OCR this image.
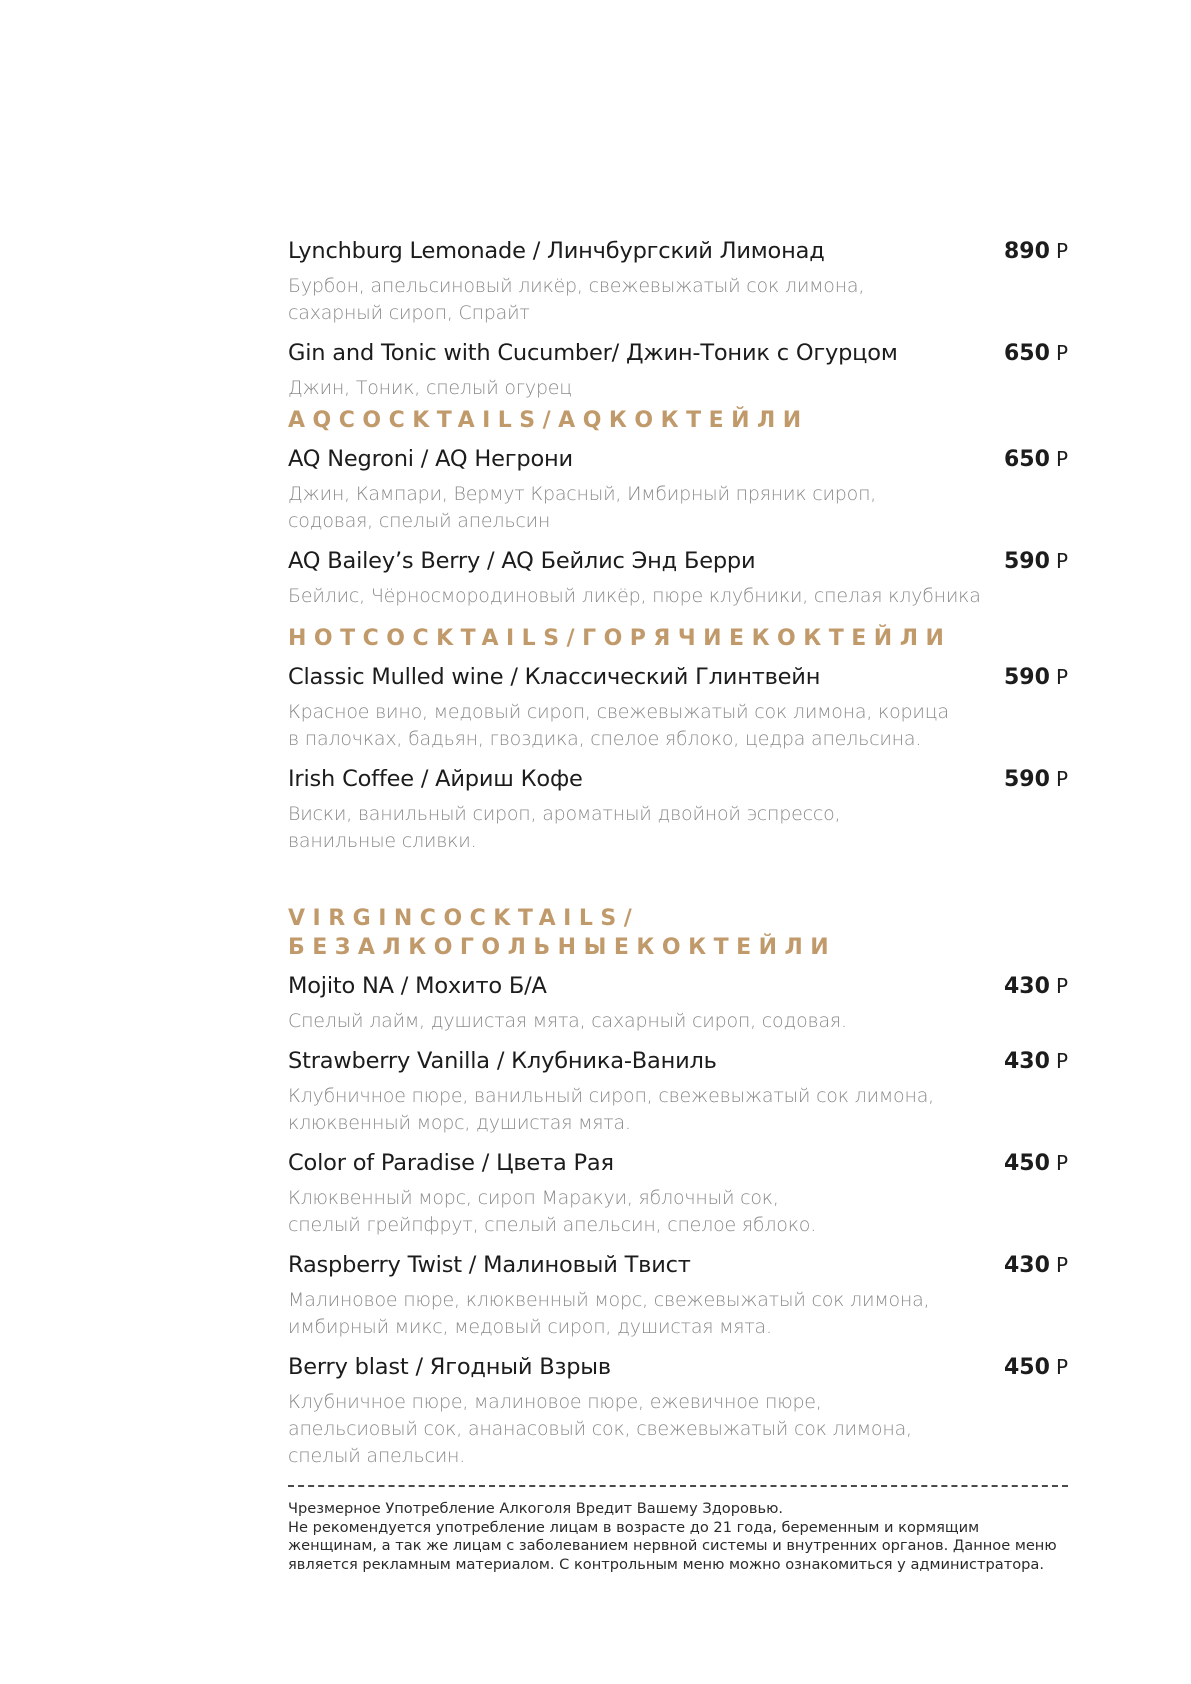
Lynchburg Lemonade / Линчбургский Лимонад	890 Р
Бурбон, апельсиновый ликёр, свежевыжатый сок лимона,
сахарный сироп, Спрайт
Gin and Tonic with Cucumber/ Джин-Тоник с Огурцом	650 Р
Джин, Тоник, спелый огурец
AQCOCKTAILS/AQКОКТЕЙЛИ
AQ Negroni / AQ Негрони	650 Р
Джин, Кампари, Вермут Красный, Имбирный пряник сироп,
содовая, спелый апельсин
AQ Bailey’s Berry / AQ Бейлис Энд Берри	590 Р
Бейлис, Чёрносмородиновый ликёр, пюре клубники, спелая клубника
HOTCOCKTAILS/ГОРЯЧИЕКОКТЕЙЛИ
Classic Mulled wine / Классический Глинтвейн	590 Р
Красное вино, медовый сироп, свежевыжатый сок лимона, корица
в палочках, бадьян, гвоздика, спелое яблоко, цедра апельсина.
Irish Coffee / Айриш Кофе	590 Р
Виски, ванильный сироп, ароматный двойной эспрессо,
ванильные сливки.
VIRGINCOCKTAILS/
БЕЗАЛКОГОЛЬНЫЕКОКТЕЙЛИ
Mojito NA / Мохито Б/А	430 Р
Спелый лайм, душистая мята, сахарный сироп, содовая.
Strawberry Vanilla / Клубника-Ваниль	430 Р
Клубничное пюре, ванильный сироп, свежевыжатый сок лимона,
клюквенный морс, душистая мята.
Color of Paradise / Цвета Рая	450 Р
Клюквенный морс, сироп Маракуи, яблочный сок,
спелый грейпфрут, спелый апельсин, спелое яблоко.
Raspberry Twist / Малиновый Твист	430 Р
Малиновое пюре, клюквенный морс, свежевыжатый сок лимона,
имбирный микс, медовый сироп, душистая мята.
Berry blast / Ягодный Взрыв	450 Р
Клубничное пюре, малиновое пюре, ежевичное пюре,
апельсиовый сок, ананасовый сок, свежевыжатый сок лимона,
спелый апельсин.
Чрезмерное Употребление Алкоголя Вредит Вашему Здоровью.
Не рекомендуется употребление лицам в возрасте до 21 года, беременным и кормящим
женщинам, а так же лицам с заболеванием нервной системы и внутренних органов. Данное меню
является рекламным материалом. С контрольным меню можно ознакомиться у администратора.
